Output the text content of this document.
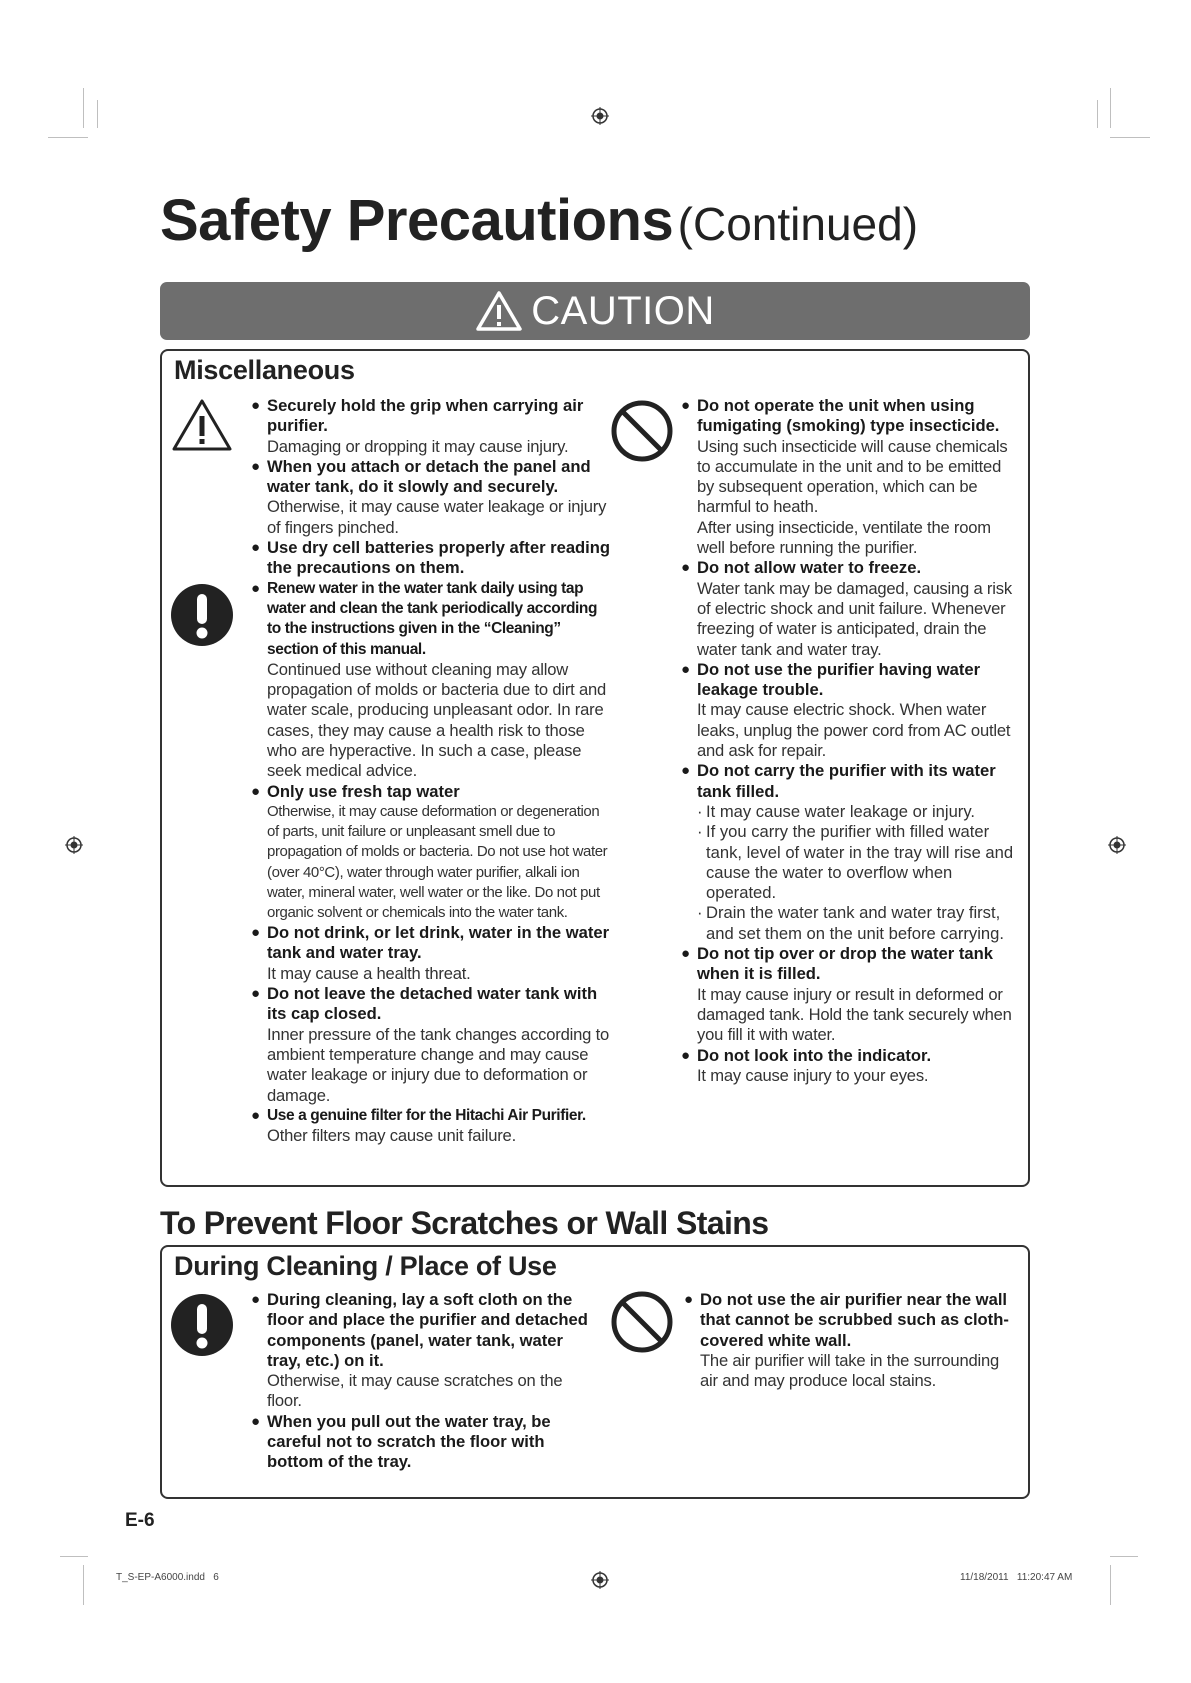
Safety Precautions (Continued)
CAUTION
Miscellaneous
● Securely hold the grip when carrying air purifier.
Damaging or dropping it may cause injury.
● When you attach or detach the panel and water tank, do it slowly and securely.
Otherwise, it may cause water leakage or injury of fingers pinched.
● Use dry cell batteries properly after reading the precautions on them.
● Renew water in the water tank daily using tap water and clean the tank periodically according to the instructions given in the “Cleaning” section of this manual.
Continued use without cleaning may allow propagation of molds or bacteria due to dirt and water scale, producing unpleasant odor. In rare cases, they may cause a health risk to those who are hyperactive. In such a case, please seek medical advice.
● Only use fresh tap water
Otherwise, it may cause deformation or degeneration of parts, unit failure or unpleasant smell due to propagation of molds or bacteria. Do not use hot water (over 40°C), water through water purifier, alkali ion water, mineral water, well water or the like. Do not put organic solvent or chemicals into the water tank.
● Do not drink, or let drink, water in the water tank and water tray.
It may cause a health threat.
● Do not leave the detached water tank with its cap closed.
Inner pressure of the tank changes according to ambient temperature change and may cause water leakage or injury due to deformation or damage.
● Use a genuine filter for the Hitachi Air Purifier.
Other filters may cause unit failure.
● Do not operate the unit when using fumigating (smoking) type insecticide.
Using such insecticide will cause chemicals to accumulate in the unit and to be emitted by subsequent operation, which can be harmful to heath.
After using insecticide, ventilate the room well before running the purifier.
● Do not allow water to freeze.
Water tank may be damaged, causing a risk of electric shock and unit failure. Whenever freezing of water is anticipated, drain the water tank and water tray.
● Do not use the purifier having water leakage trouble.
It may cause electric shock. When water leaks, unplug the power cord from AC outlet and ask for repair.
● Do not carry the purifier with its water tank filled.
· It may cause water leakage or injury.
· If you carry the purifier with filled water tank, level of water in the tray will rise and cause the water to overflow when operated.
· Drain the water tank and water tray first, and set them on the unit before carrying.
● Do not tip over or drop the water tank when it is filled.
It may cause injury or result in deformed or damaged tank. Hold the tank securely when you fill it with water.
● Do not look into the indicator.
It may cause injury to your eyes.
To Prevent Floor Scratches or Wall Stains
During Cleaning / Place of Use
● During cleaning, lay a soft cloth on the floor and place the purifier and detached components (panel, water tank, water tray, etc.) on it.
Otherwise, it may cause scratches on the floor.
● When you pull out the water tray, be careful not to scratch the floor with bottom of the tray.
● Do not use the air purifier near the wall that cannot be scrubbed such as cloth-covered white wall.
The air purifier will take in the surrounding air and may produce local stains.
E-6
T_S-EP-A6000.indd   6	11/18/2011   11:20:47 AM
